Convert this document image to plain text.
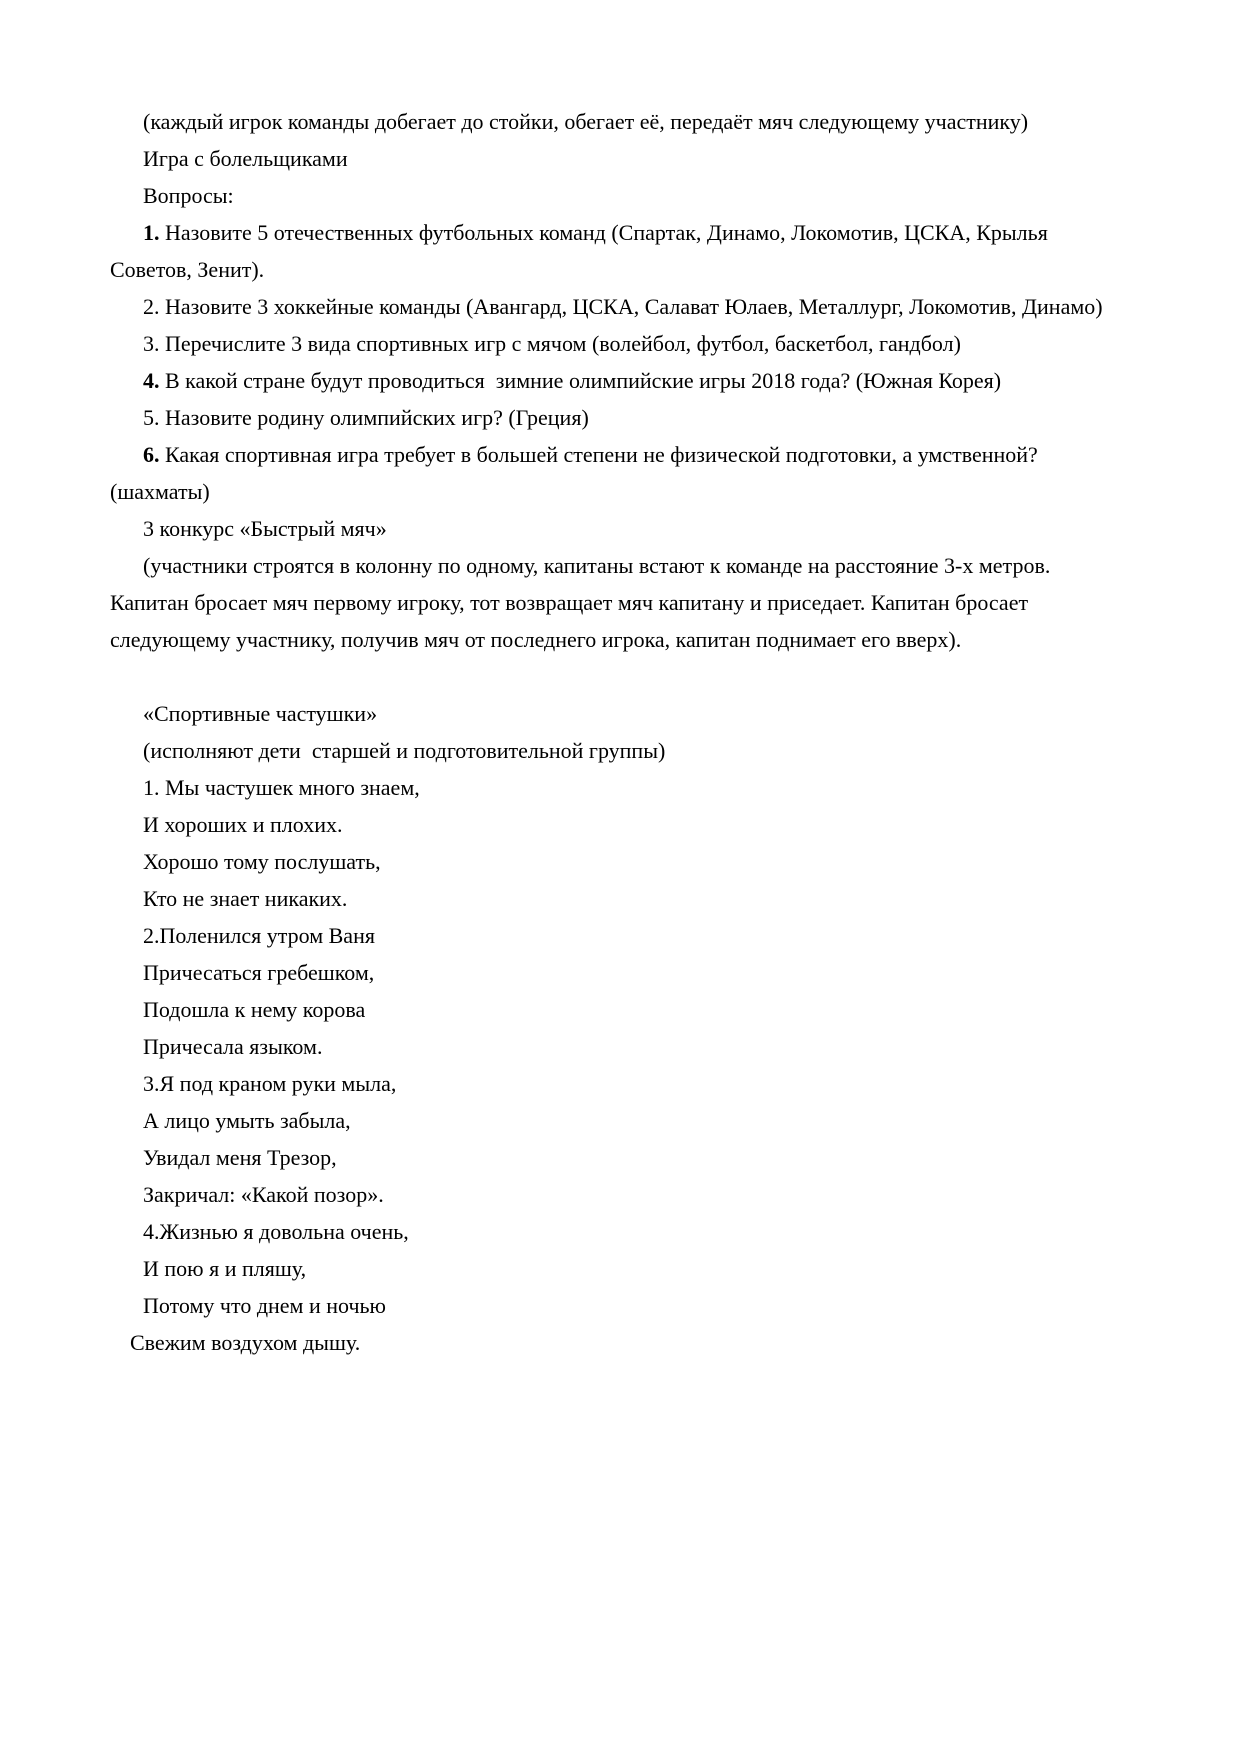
(каждый игрок команды добегает до стойки, обегает её, передаёт мяч следующему участнику)

Игра с болельщиками

Вопросы:

1. Назовите 5 отечественных футбольных команд (Спартак, Динамо, Локомотив, ЦСКА, Крылья Советов, Зенит).

2. Назовите 3 хоккейные команды (Авангард, ЦСКА, Салават Юлаев, Металлург, Локомотив, Динамо)

3. Перечислите 3 вида спортивных игр с мячом (волейбол, футбол, баскетбол, гандбол)

4. В какой стране будут проводиться  зимние олимпийские игры 2018 года? (Южная Корея)

5. Назовите родину олимпийских игр? (Греция)

6. Какая спортивная игра требует в большей степени не физической подготовки, а умственной? (шахматы)

3 конкурс «Быстрый мяч»

(участники строятся в колонну по одному, капитаны встают к команде на расстояние 3-х метров. Капитан бросает мяч первому игроку, тот возвращает мяч капитану и приседает. Капитан бросает следующему участнику, получив мяч от последнего игрока, капитан поднимает его вверх).

«Спортивные частушки»

(исполняют дети  старшей и подготовительной группы)

1. Мы частушек много знаем,

И хороших и плохих.

Хорошо тому послушать,

Кто не знает никаких.

2.Поленился утром Ваня

Причесаться гребешком,

Подошла к нему корова

Причесала языком.

3.Я под краном руки мыла,

А лицо умыть забыла,

Увидал меня Трезор,

Закричал: «Какой позор».

4.Жизнью я довольна очень,

И пою я и пляшу,

Потому что днем и ночью

Свежим воздухом дышу.
